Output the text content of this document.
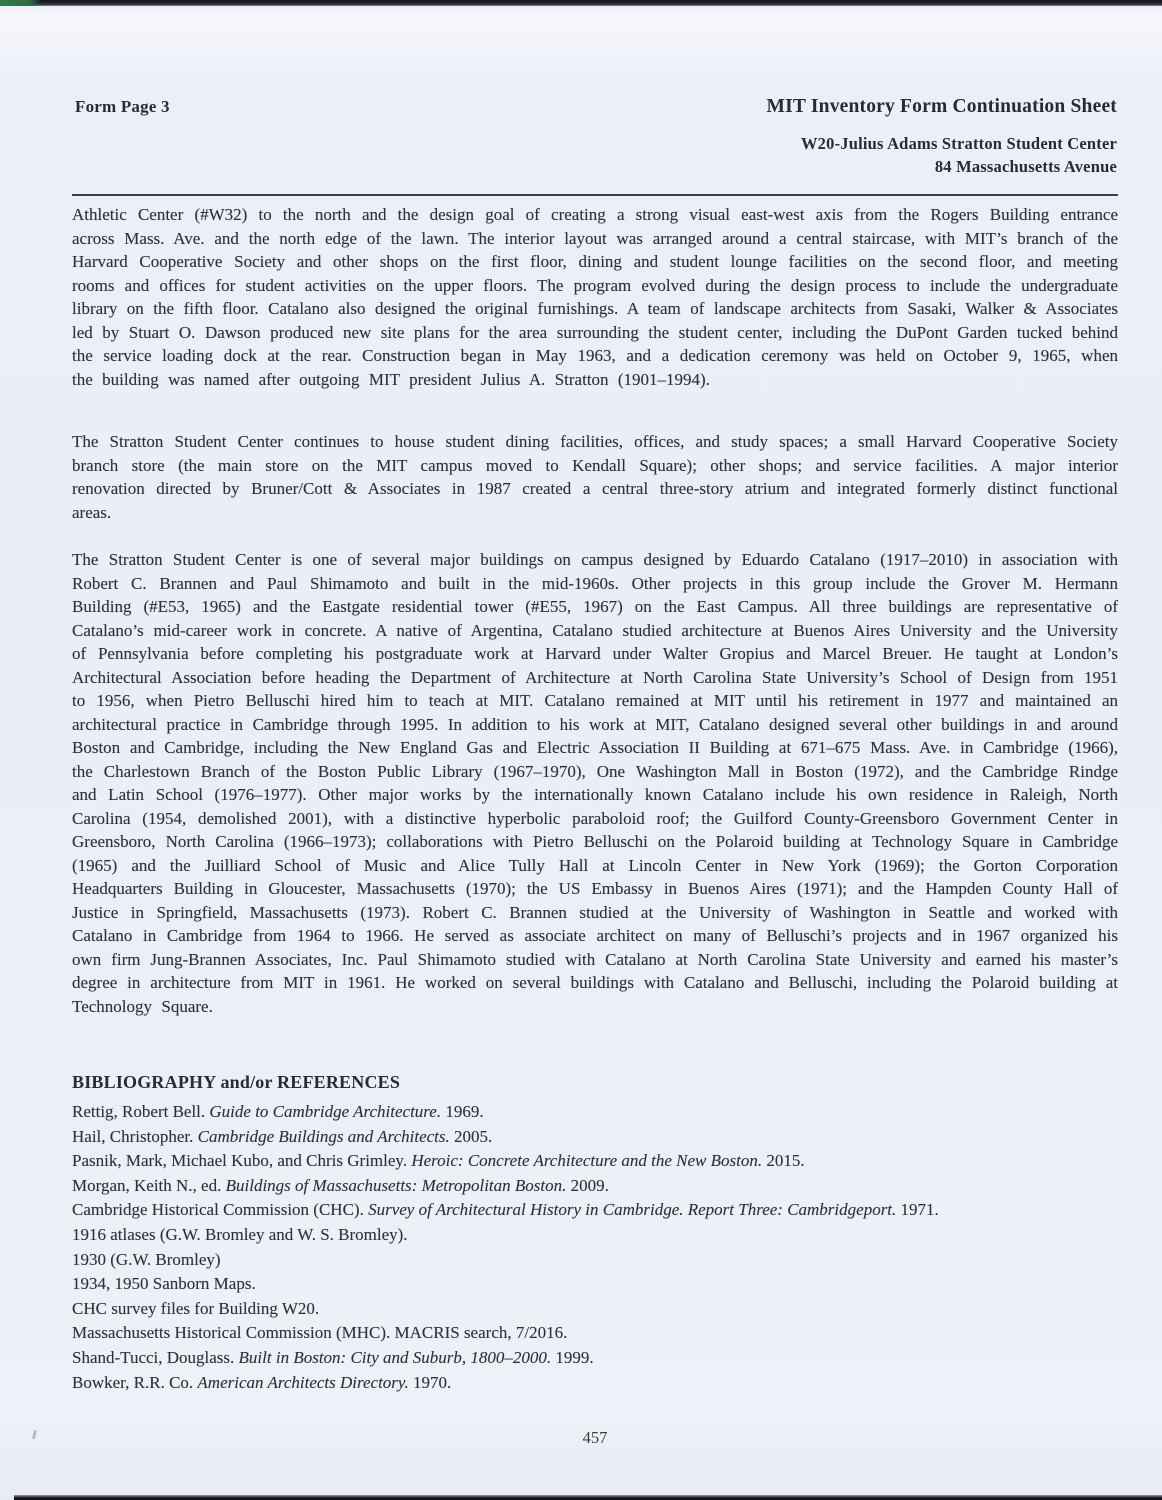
Form Page 3	MIT Inventory Form Continuation Sheet
W20-Julius Adams Stratton Student Center
84 Massachusetts Avenue
Athletic Center (#W32) to the north and the design goal of creating a strong visual east-west axis from the Rogers Building entrance across Mass. Ave. and the north edge of the lawn. The interior layout was arranged around a central staircase, with MIT’s branch of the Harvard Cooperative Society and other shops on the first floor, dining and student lounge facilities on the second floor, and meeting rooms and offices for student activities on the upper floors. The program evolved during the design process to include the undergraduate library on the fifth floor. Catalano also designed the original furnishings. A team of landscape architects from Sasaki, Walker & Associates led by Stuart O. Dawson produced new site plans for the area surrounding the student center, including the DuPont Garden tucked behind the service loading dock at the rear. Construction began in May 1963, and a dedication ceremony was held on October 9, 1965, when the building was named after outgoing MIT president Julius A. Stratton (1901–1994).
The Stratton Student Center continues to house student dining facilities, offices, and study spaces; a small Harvard Cooperative Society branch store (the main store on the MIT campus moved to Kendall Square); other shops; and service facilities. A major interior renovation directed by Bruner/Cott & Associates in 1987 created a central three-story atrium and integrated formerly distinct functional areas.
The Stratton Student Center is one of several major buildings on campus designed by Eduardo Catalano (1917–2010) in association with Robert C. Brannen and Paul Shimamoto and built in the mid-1960s. Other projects in this group include the Grover M. Hermann Building (#E53, 1965) and the Eastgate residential tower (#E55, 1967) on the East Campus. All three buildings are representative of Catalano’s mid-career work in concrete. A native of Argentina, Catalano studied architecture at Buenos Aires University and the University of Pennsylvania before completing his postgraduate work at Harvard under Walter Gropius and Marcel Breuer. He taught at London’s Architectural Association before heading the Department of Architecture at North Carolina State University’s School of Design from 1951 to 1956, when Pietro Belluschi hired him to teach at MIT. Catalano remained at MIT until his retirement in 1977 and maintained an architectural practice in Cambridge through 1995. In addition to his work at MIT, Catalano designed several other buildings in and around Boston and Cambridge, including the New England Gas and Electric Association II Building at 671–675 Mass. Ave. in Cambridge (1966), the Charlestown Branch of the Boston Public Library (1967–1970), One Washington Mall in Boston (1972), and the Cambridge Rindge and Latin School (1976–1977). Other major works by the internationally known Catalano include his own residence in Raleigh, North Carolina (1954, demolished 2001), with a distinctive hyperbolic paraboloid roof; the Guilford County-Greensboro Government Center in Greensboro, North Carolina (1966–1973); collaborations with Pietro Belluschi on the Polaroid building at Technology Square in Cambridge (1965) and the Juilliard School of Music and Alice Tully Hall at Lincoln Center in New York (1969); the Gorton Corporation Headquarters Building in Gloucester, Massachusetts (1970); the US Embassy in Buenos Aires (1971); and the Hampden County Hall of Justice in Springfield, Massachusetts (1973). Robert C. Brannen studied at the University of Washington in Seattle and worked with Catalano in Cambridge from 1964 to 1966. He served as associate architect on many of Belluschi’s projects and in 1967 organized his own firm Jung-Brannen Associates, Inc. Paul Shimamoto studied with Catalano at North Carolina State University and earned his master’s degree in architecture from MIT in 1961. He worked on several buildings with Catalano and Belluschi, including the Polaroid building at Technology Square.
BIBLIOGRAPHY and/or REFERENCES
Rettig, Robert Bell. Guide to Cambridge Architecture. 1969.
Hail, Christopher. Cambridge Buildings and Architects. 2005.
Pasnik, Mark, Michael Kubo, and Chris Grimley. Heroic: Concrete Architecture and the New Boston. 2015.
Morgan, Keith N., ed. Buildings of Massachusetts: Metropolitan Boston. 2009.
Cambridge Historical Commission (CHC). Survey of Architectural History in Cambridge. Report Three: Cambridgeport. 1971.
1916 atlases (G.W. Bromley and W. S. Bromley).
1930 (G.W. Bromley)
1934, 1950 Sanborn Maps.
CHC survey files for Building W20.
Massachusetts Historical Commission (MHC). MACRIS search, 7/2016.
Shand-Tucci, Douglass. Built in Boston: City and Suburb, 1800–2000. 1999.
Bowker, R.R. Co. American Architects Directory. 1970.
457
